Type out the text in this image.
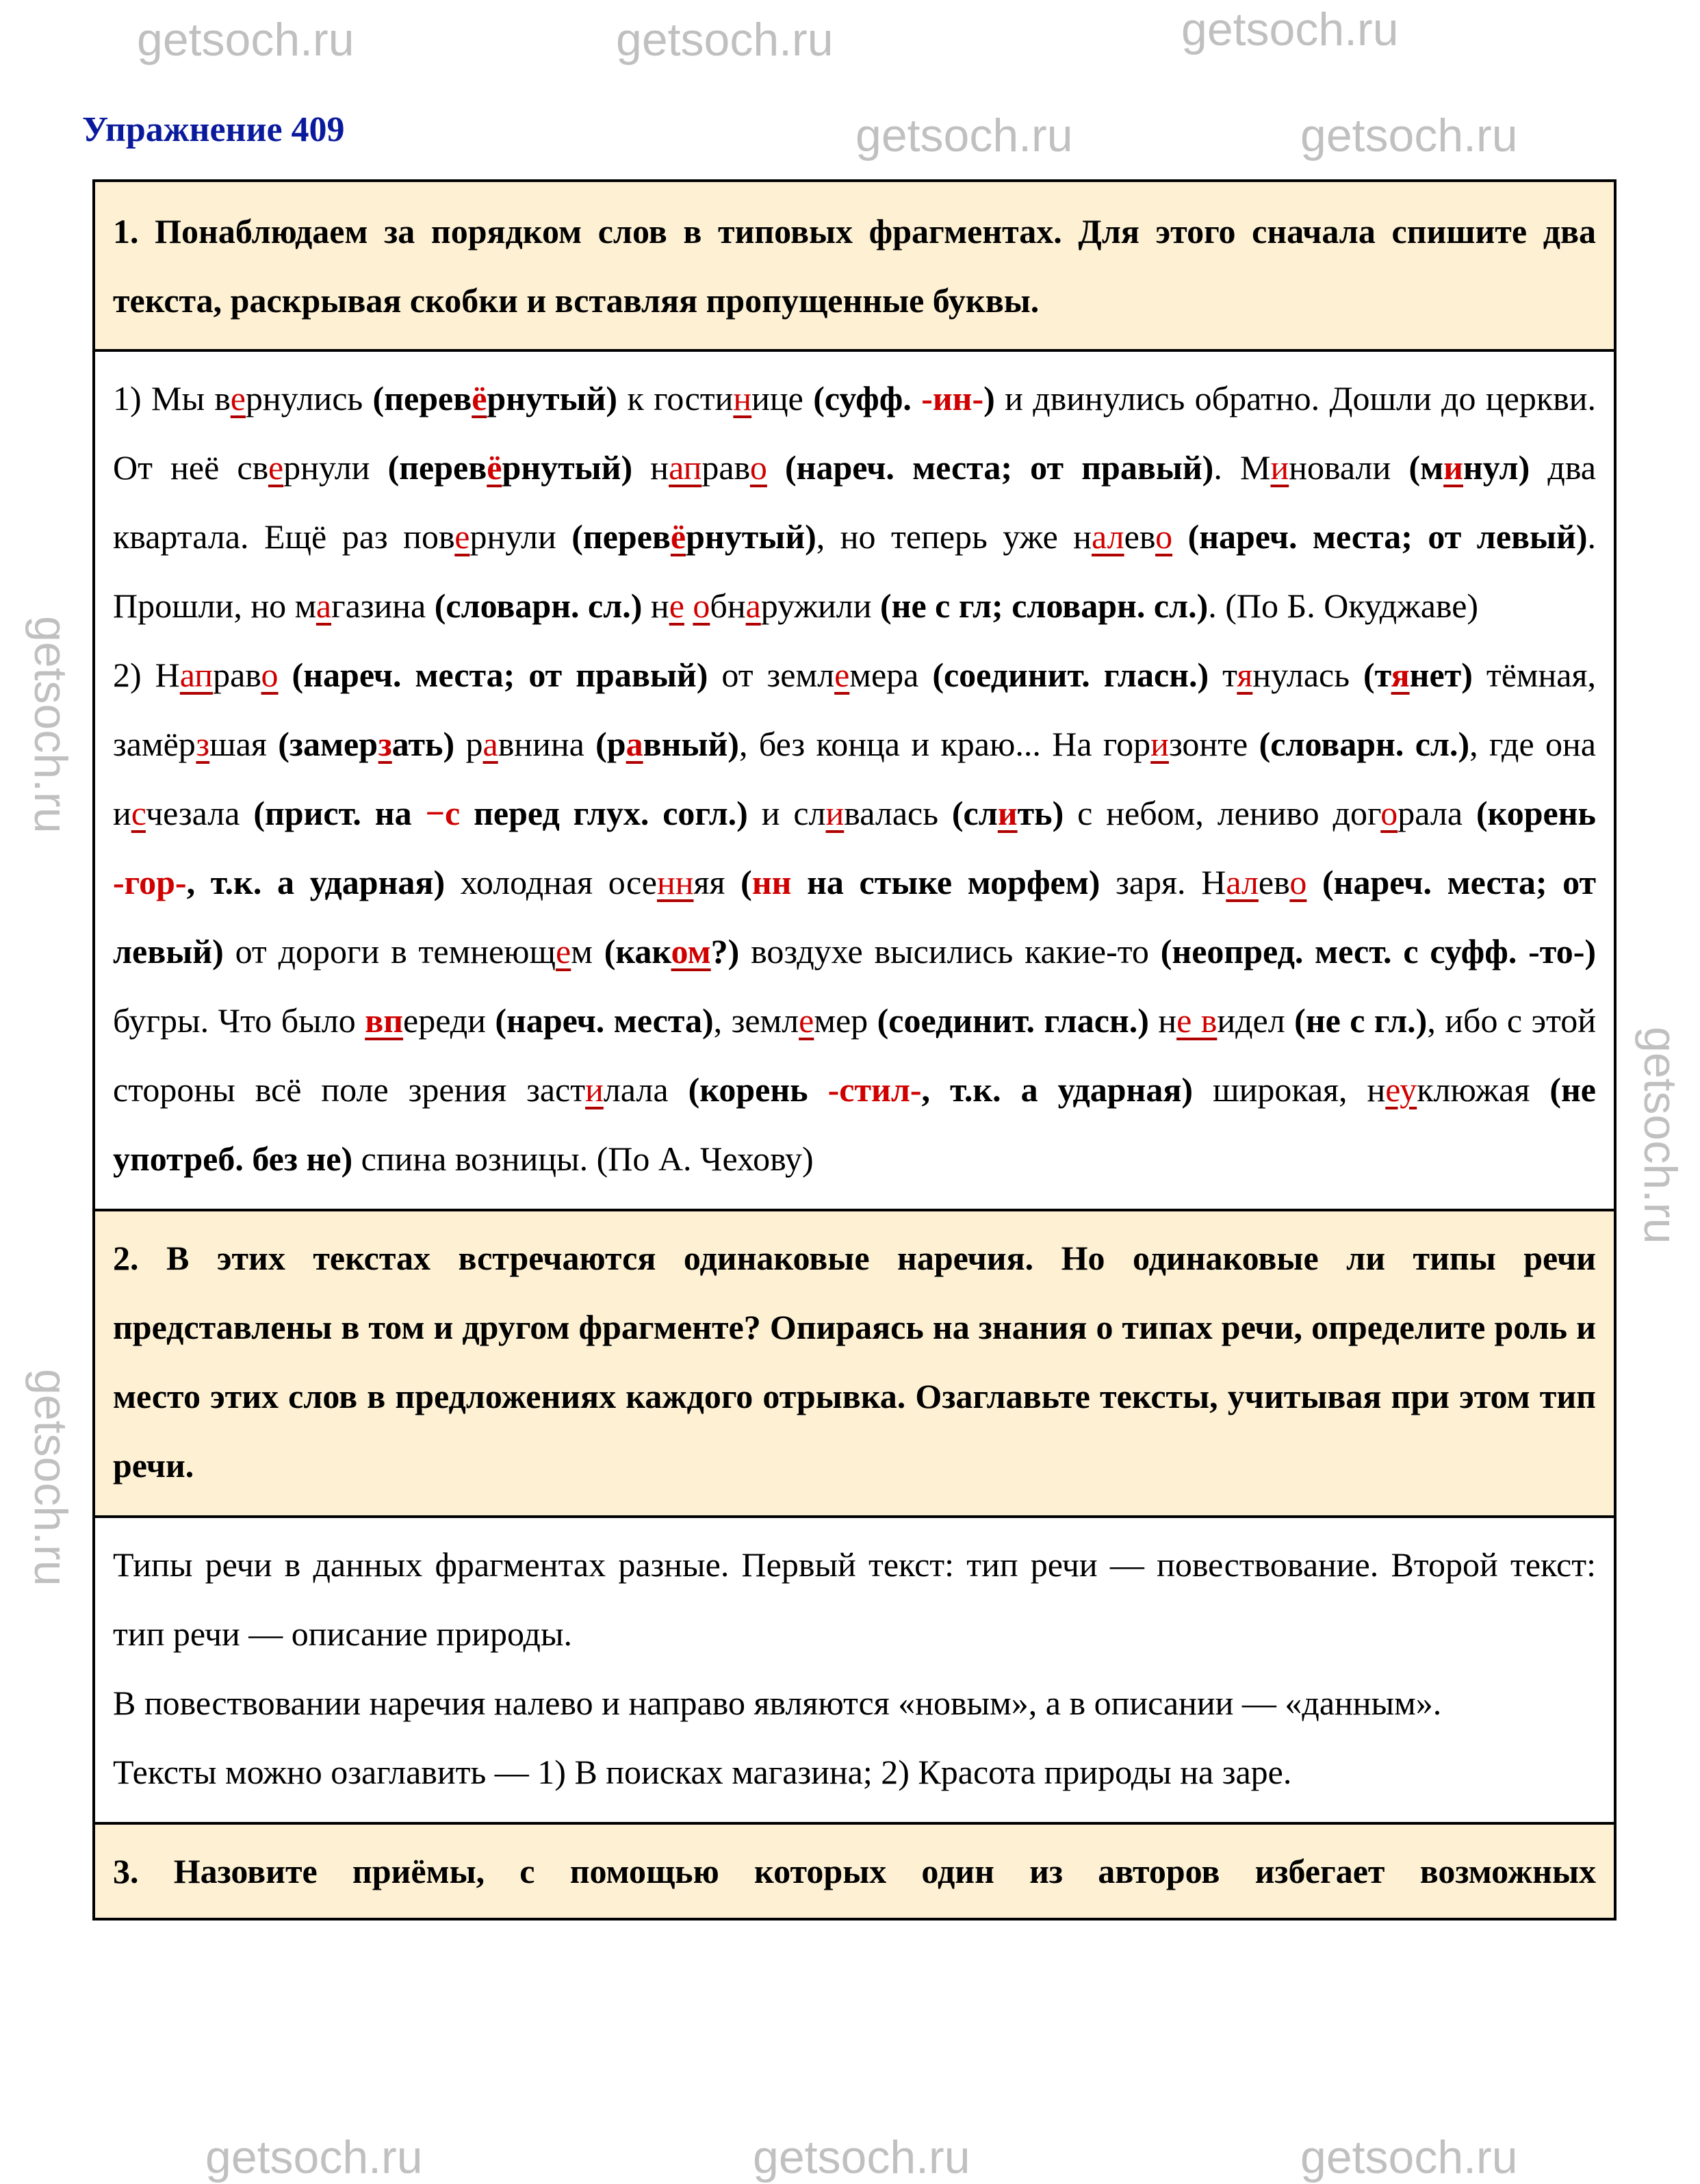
Упражнение 409

1. Понаблюдаем за порядком слов в типовых фрагментах. Для этого сначала спишите два текста, раскрывая скобки и вставляя пропущенные буквы.

1) Мы вернулись (перевёрнутый) к гостинице (суфф. -ин-) и двинулись обратно. Дошли до церкви. От неё свернули (перевёрнутый) направо (нареч. места; от правый). Миновали (минул) два квартала. Ещё раз повернули (перевёрнутый), но теперь уже налево (нареч. места; от левый). Прошли, но магазина (словарн. сл.) не обнаружили (не с гл; словарн. сл.). (По Б. Окуджаве)

2) Направо (нареч. места; от правый) от землемера (соединит. гласн.) тянулась (тянет) тёмная, замёрзшая (замерзать) равнина (равный), без конца и краю... На горизонте (словарн. сл.), где она исчезала (прист. на −с перед глух. согл.) и сливалась (слить) с небом, лениво догорала (корень -гор-, т.к. а ударная) холодная осенняя (нн на стыке морфем) заря. Налево (нареч. места; от левый) от дороги в темнеющем (каком?) воздухе высились какие-то (неопред. мест. с суфф. -то-) бугры. Что было впереди (нареч. места), землемер (соединит. гласн.) не видел (не с гл.), ибо с этой стороны всё поле зрения застилала (корень -стил-, т.к. а ударная) широкая, неуклюжая (не употреб. без не) спина возницы. (По А. Чехову)

2. В этих текстах встречаются одинаковые наречия. Но одинаковые ли типы речи представлены в том и другом фрагменте? Опираясь на знания о типах речи, определите роль и место этих слов в предложениях каждого отрывка. Озаглавьте тексты, учитывая при этом тип речи.

Типы речи в данных фрагментах разные. Первый текст: тип речи — повествование. Второй текст: тип речи — описание природы.

В повествовании наречия налево и направо являются «новым», а в описании — «данным».

Тексты можно озаглавить — 1) В поисках магазина; 2) Красота природы на заре.

3. Назовите приёмы, с помощью которых один из авторов избегает возможных

getsoch.ru
getsoch.ru	getsoch.ru
getsoch.ru	getsoch.ru
getsoch.ru	getsoch.ru	getsoch.ru
getsoch.ru
getsoch.ru
getsoch.ru
